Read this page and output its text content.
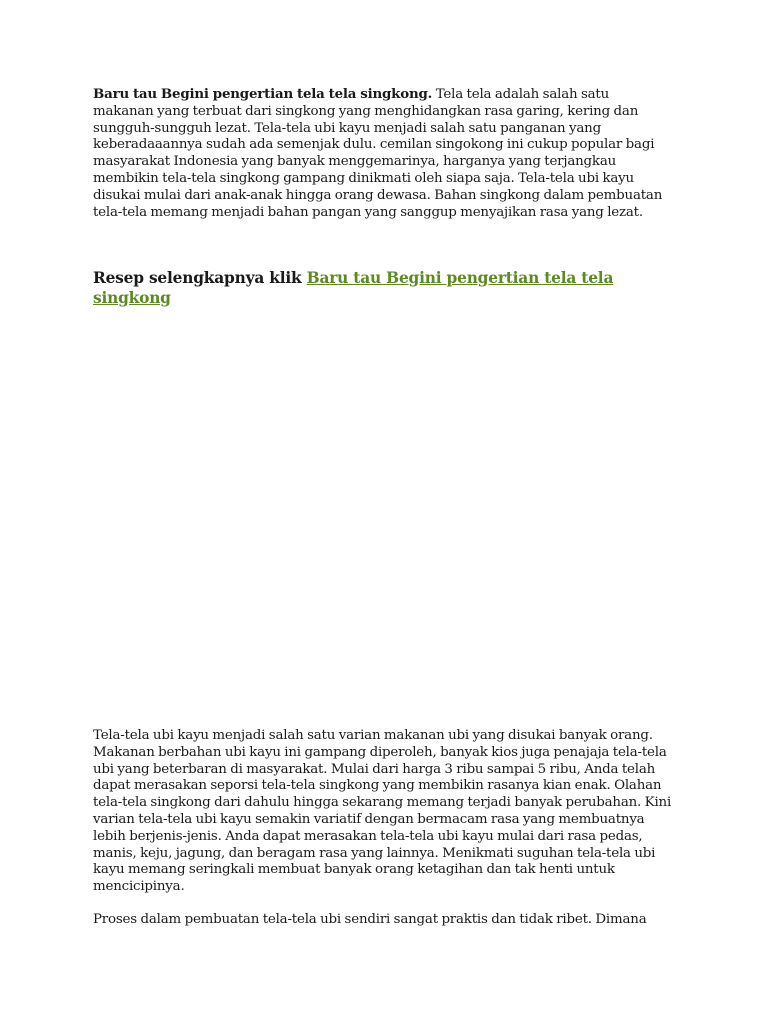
Baru tau Begini pengertian tela tela singkong. Tela tela adalah salah satu makanan yang terbuat dari singkong yang menghidangkan rasa garing, kering dan sungguh-sungguh lezat. Tela-tela ubi kayu menjadi salah satu panganan yang keberadaaannya sudah ada semenjak dulu. cemilan singokong ini cukup popular bagi masyarakat Indonesia yang banyak menggemarinya, harganya yang terjangkau membikin tela-tela singkong gampang dinikmati oleh siapa saja. Tela-tela ubi kayu disukai mulai dari anak-anak hingga orang dewasa. Bahan singkong dalam pembuatan tela-tela memang menjadi bahan pangan yang sanggup menyajikan rasa yang lezat.

Resep selengkapnya klik Baru tau Begini pengertian tela tela singkong

Tela-tela ubi kayu menjadi salah satu varian makanan ubi yang disukai banyak orang. Makanan berbahan ubi kayu ini gampang diperoleh, banyak kios juga penajaja tela-tela ubi yang beterbaran di masyarakat. Mulai dari harga 3 ribu sampai 5 ribu, Anda telah dapat merasakan seporsi tela-tela singkong yang membikin rasanya kian enak. Olahan tela-tela singkong dari dahulu hingga sekarang memang terjadi banyak perubahan. Kini varian tela-tela ubi kayu semakin variatif dengan bermacam rasa yang membuatnya lebih berjenis-jenis. Anda dapat merasakan tela-tela ubi kayu mulai dari rasa pedas, manis, keju, jagung, dan beragam rasa yang lainnya. Menikmati suguhan tela-tela ubi kayu memang seringkali membuat banyak orang ketagihan dan tak henti untuk mencicipinya.

Proses dalam pembuatan tela-tela ubi sendiri sangat praktis dan tidak ribet. Dimana
